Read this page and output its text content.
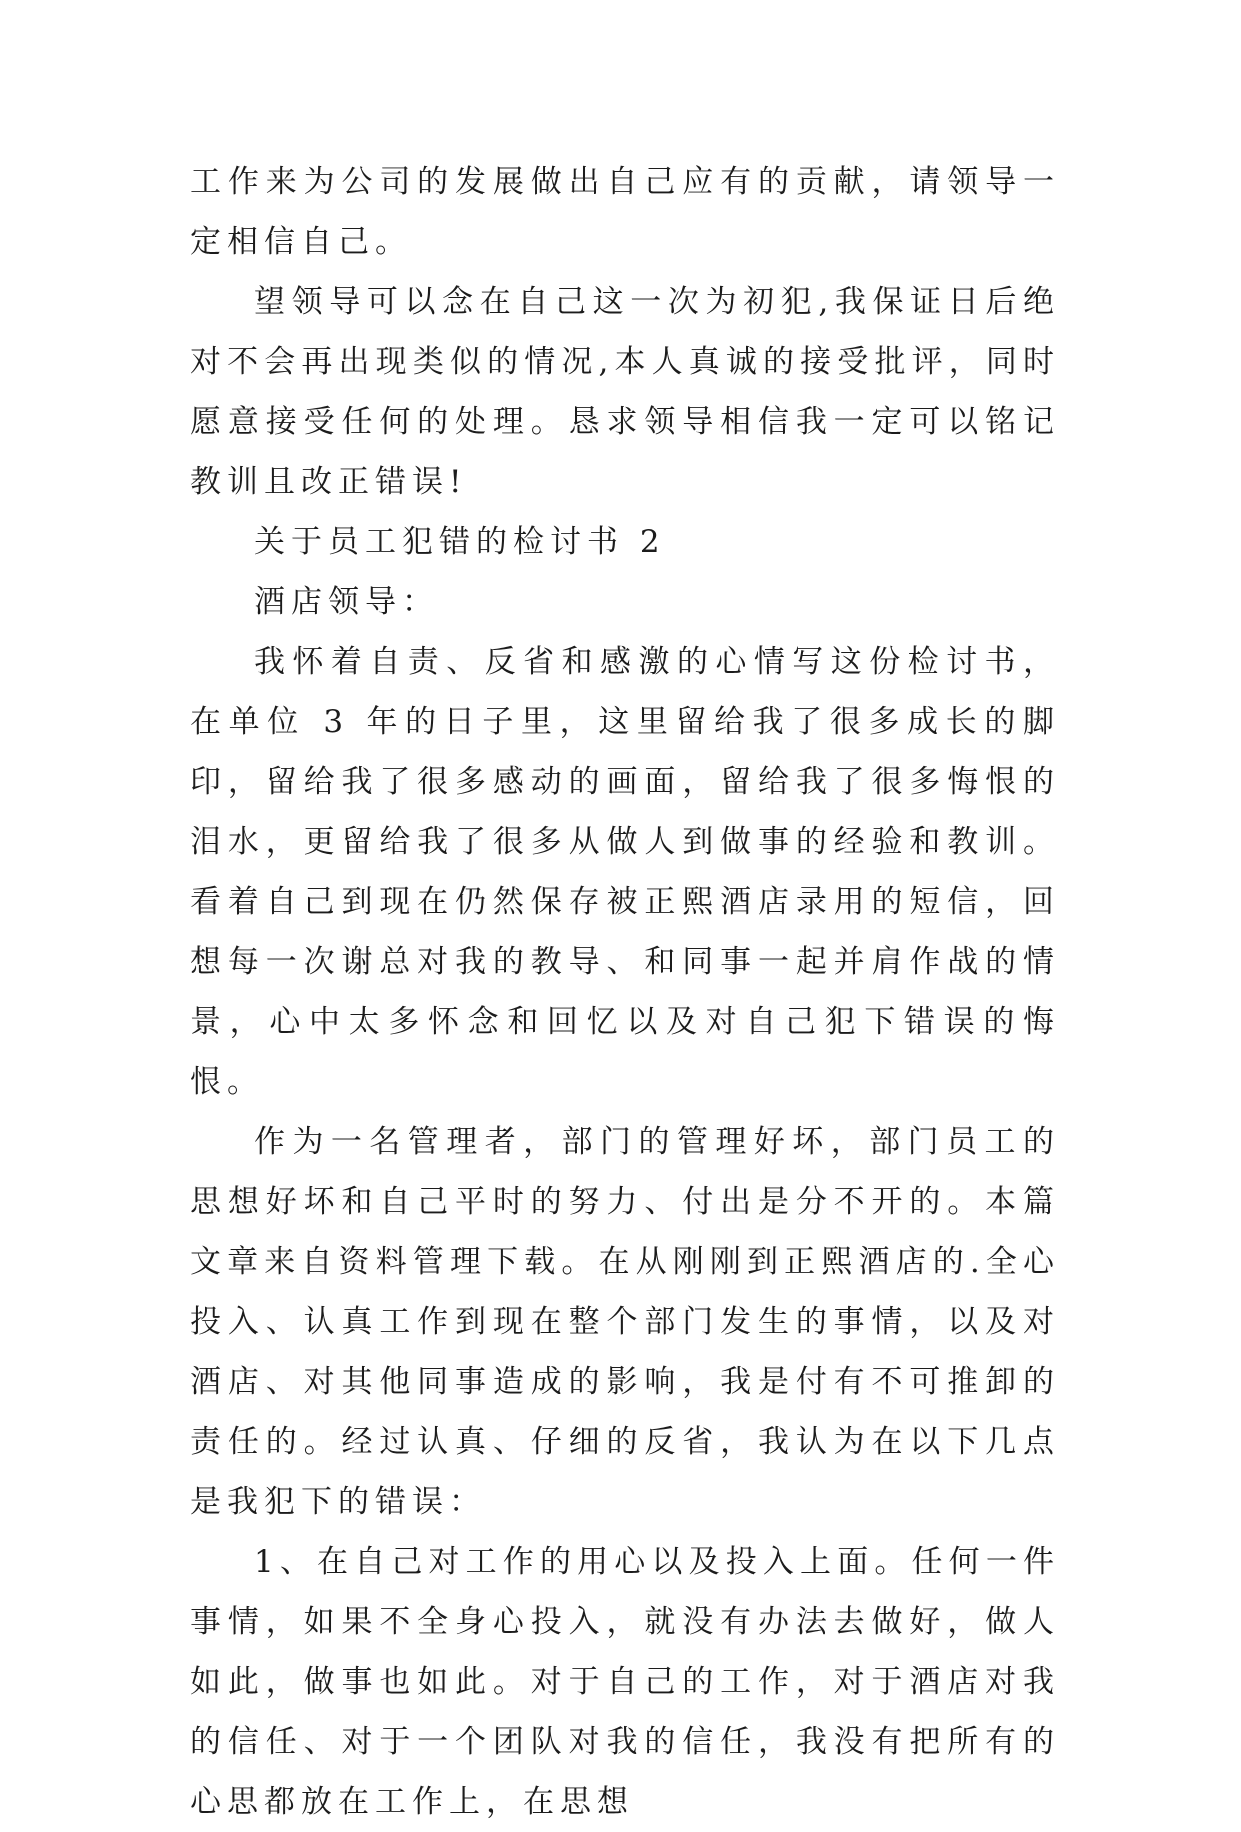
工作来为公司的发展做出自己应有的贡献，请领导一定相信自己。

望领导可以念在自己这一次为初犯,我保证日后绝对不会再出现类似的情况,本人真诚的接受批评，同时愿意接受任何的处理。恳求领导相信我一定可以铭记教训且改正错误!

关于员工犯错的检讨书 2

酒店领导：

我怀着自责、反省和感激的心情写这份检讨书，在单位 3 年的日子里，这里留给我了很多成长的脚印，留给我了很多感动的画面，留给我了很多悔恨的泪水，更留给我了很多从做人到做事的经验和教训。看着自己到现在仍然保存被正熙酒店录用的短信，回想每一次谢总对我的教导、和同事一起并肩作战的情景，心中太多怀念和回忆以及对自己犯下错误的悔恨。

作为一名管理者，部门的管理好坏，部门员工的思想好坏和自己平时的努力、付出是分不开的。本篇文章来自资料管理下载。在从刚刚到正熙酒店的.全心投入、认真工作到现在整个部门发生的事情，以及对酒店、对其他同事造成的影响，我是付有不可推卸的责任的。经过认真、仔细的反省，我认为在以下几点是我犯下的错误：

1、在自己对工作的用心以及投入上面。任何一件事情，如果不全身心投入，就没有办法去做好，做人如此，做事也如此。对于自己的工作，对于酒店对我的信任、对于一个团队对我的信任，我没有把所有的心思都放在工作上，在思想
